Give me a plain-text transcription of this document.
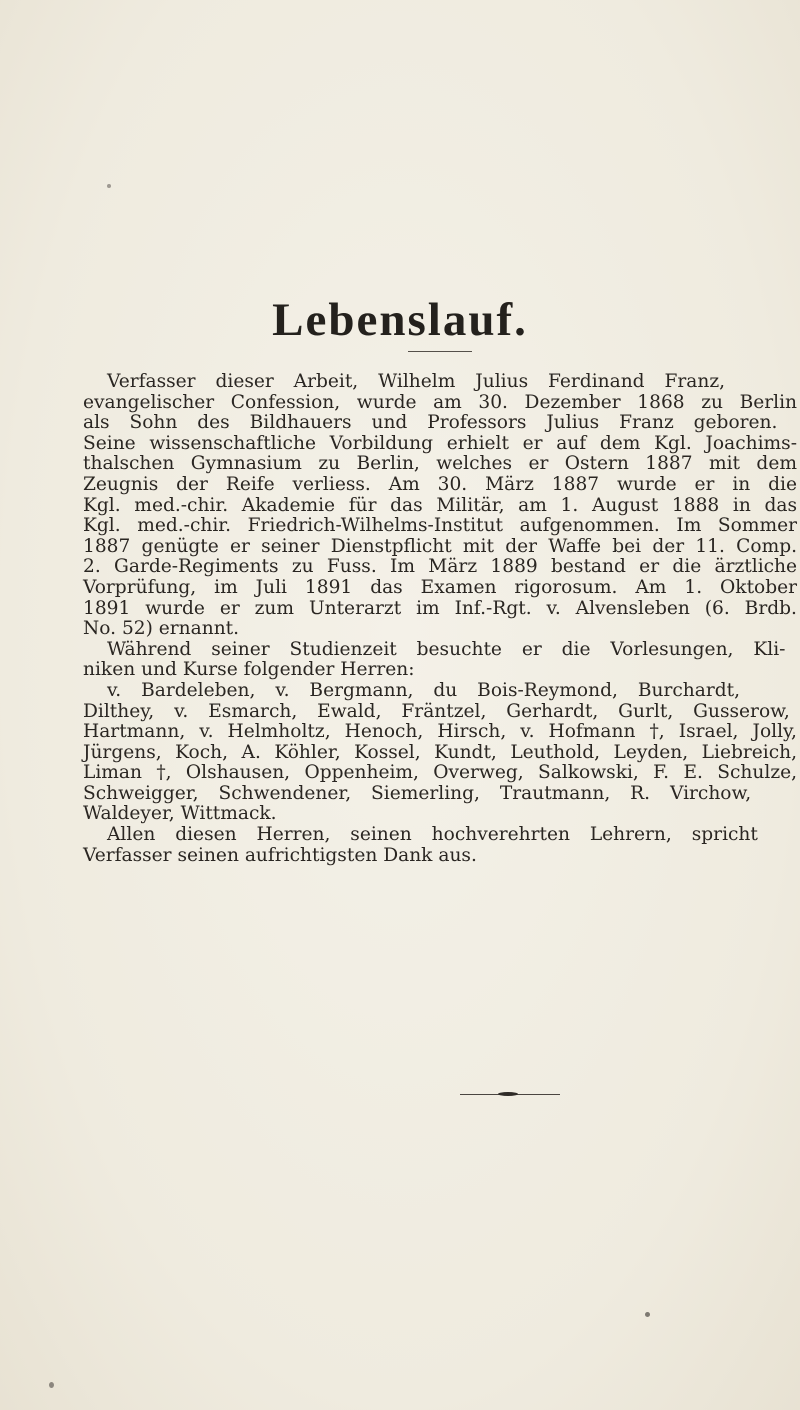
Lebenslauf.
Verfasser dieser Arbeit, Wilhelm Julius Ferdinand Franz,
evangelischer Confession, wurde am 30. Dezember 1868 zu Berlin
als Sohn des Bildhauers und Professors Julius Franz geboren.
Seine wissenschaftliche Vorbildung erhielt er auf dem Kgl. Joachims-
thalschen Gymnasium zu Berlin, welches er Ostern 1887 mit dem
Zeugnis der Reife verliess. Am 30. März 1887 wurde er in die
Kgl. med.-chir. Akademie für das Militär, am 1. August 1888 in das
Kgl. med.-chir. Friedrich-Wilhelms-Institut aufgenommen. Im Sommer
1887 genügte er seiner Dienstpflicht mit der Waffe bei der 11. Comp.
2. Garde-Regiments zu Fuss. Im März 1889 bestand er die ärztliche
Vorprüfung, im Juli 1891 das Examen rigorosum. Am 1. Oktober
1891 wurde er zum Unterarzt im Inf.-Rgt. v. Alvensleben (6. Brdb.
No. 52) ernannt.
Während seiner Studienzeit besuchte er die Vorlesungen, Kli-
niken und Kurse folgender Herren:
v. Bardeleben, v. Bergmann, du Bois-Reymond, Burchardt,
Dilthey, v. Esmarch, Ewald, Fräntzel, Gerhardt, Gurlt, Gusserow,
Hartmann, v. Helmholtz, Henoch, Hirsch, v. Hofmann †, Israel, Jolly,
Jürgens, Koch, A. Köhler, Kossel, Kundt, Leuthold, Leyden, Liebreich,
Liman †, Olshausen, Oppenheim, Overweg, Salkowski, F. E. Schulze,
Schweigger, Schwendener, Siemerling, Trautmann, R. Virchow,
Waldeyer, Wittmack.
Allen diesen Herren, seinen hochverehrten Lehrern, spricht
Verfasser seinen aufrichtigsten Dank aus.
